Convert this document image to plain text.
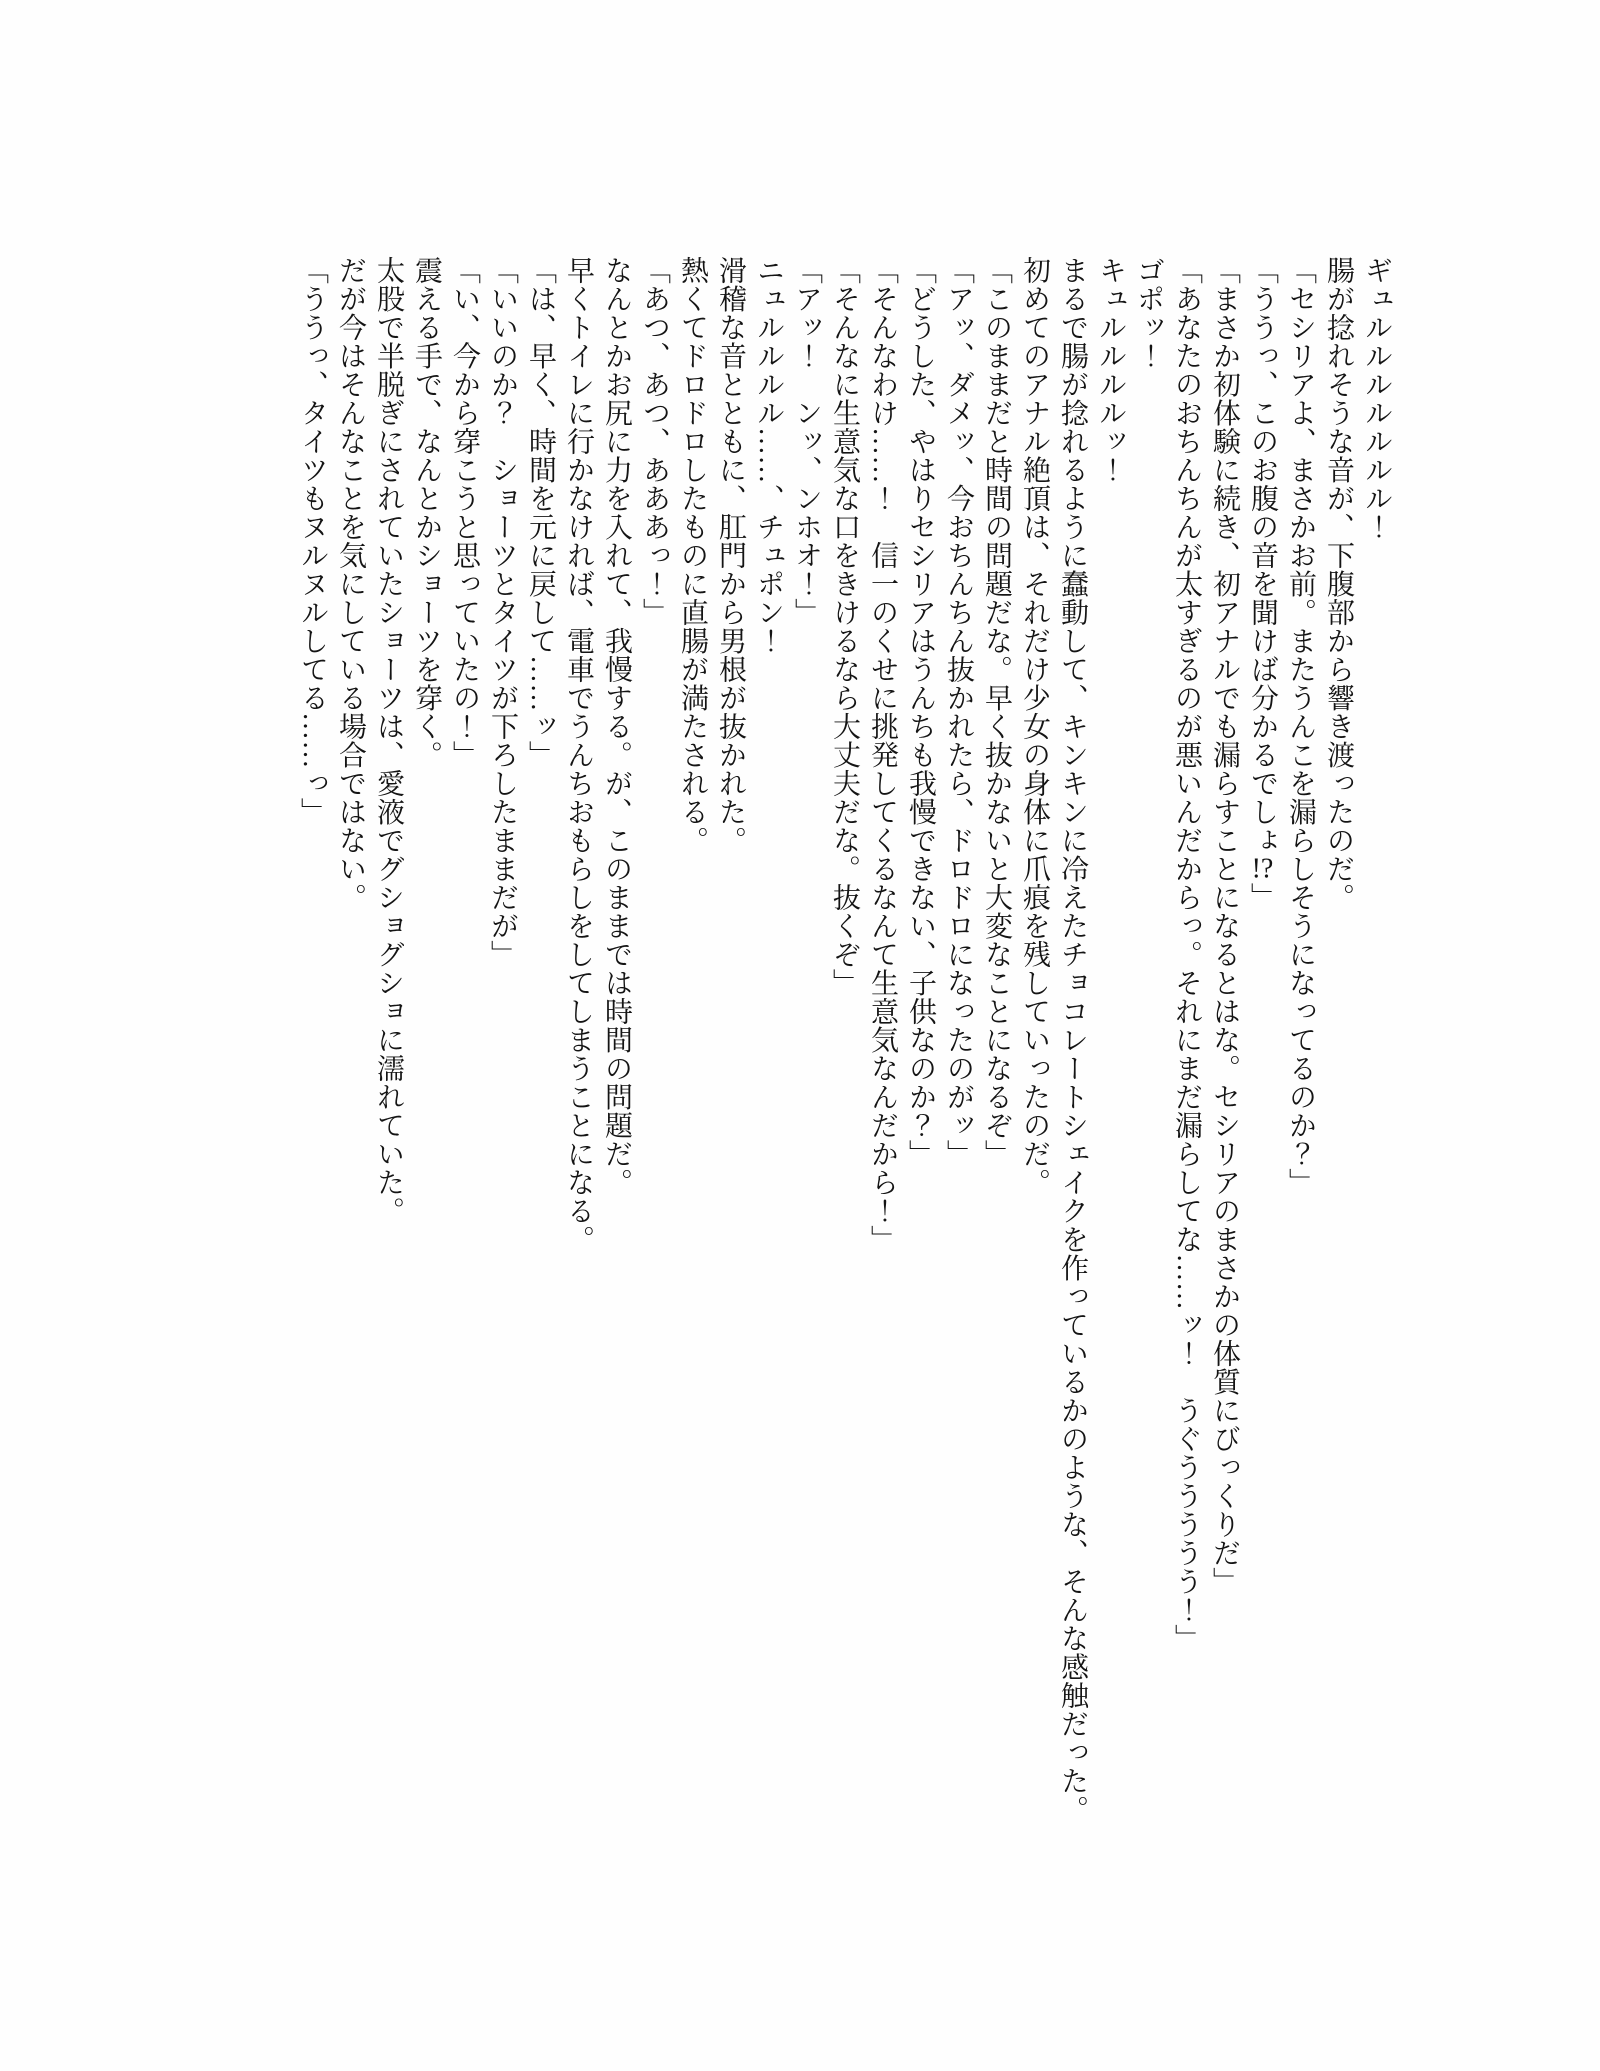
ギュルルルルルルル！

腸が捻れそうな音が、下腹部から響き渡ったのだ。

「セシリアよ、まさかお前。またうんこを漏らしそうになってるのか？」

「ううっ、このお腹の音を聞けば分かるでしょ!?」

「まさか初体験に続き、初アナルでも漏らすことになるとはな。セシリアのまさかの体質にびっくりだ」

「あなたのおちんちんが太すぎるのが悪いんだからっ。それにまだ漏らしてな……ッ！　うぐううううう！」

ゴポッ！

キュルルルルッ！

まるで腸が捻れるように蠢動して、キンキンに冷えたチョコレートシェイクを作っているかのような、そんな感触だった。

初めてのアナル絶頂は、それだけ少女の身体に爪痕を残していったのだ。

「このままだと時間の問題だな。早く抜かないと大変なことになるぞ」

「アッ、ダメッ、今おちんちん抜かれたら、ドロドロになったのがッ」

「どうした、やはりセシリアはうんちも我慢できない、子供なのか？」

「そんなわけ……！　信一のくせに挑発してくるなんて生意気なんだから！」

「そんなに生意気な口をきけるなら大丈夫だな。抜くぞ」

「アッ！　ンッ、ンホオ！」

ニュルルルル……、チュポン！

滑稽な音とともに、肛門から男根が抜かれた。

熱くてドロドロしたものに直腸が満たされる。

「あつ、あつ、あああっ！」

なんとかお尻に力を入れて、我慢する。が、このままでは時間の問題だ。

早くトイレに行かなければ、電車でうんちおもらしをしてしまうことになる。

「は、早く、時間を元に戻して……ッ」

「いいのか？　ショーツとタイツが下ろしたままだが」

「い、今から穿こうと思っていたの！」

震える手で、なんとかショーツを穿く。

太股で半脱ぎにされていたショーツは、愛液でグショグショに濡れていた。

だが今はそんなことを気にしている場合ではない。

「ううっ、タイツもヌルヌルしてる……っ」
